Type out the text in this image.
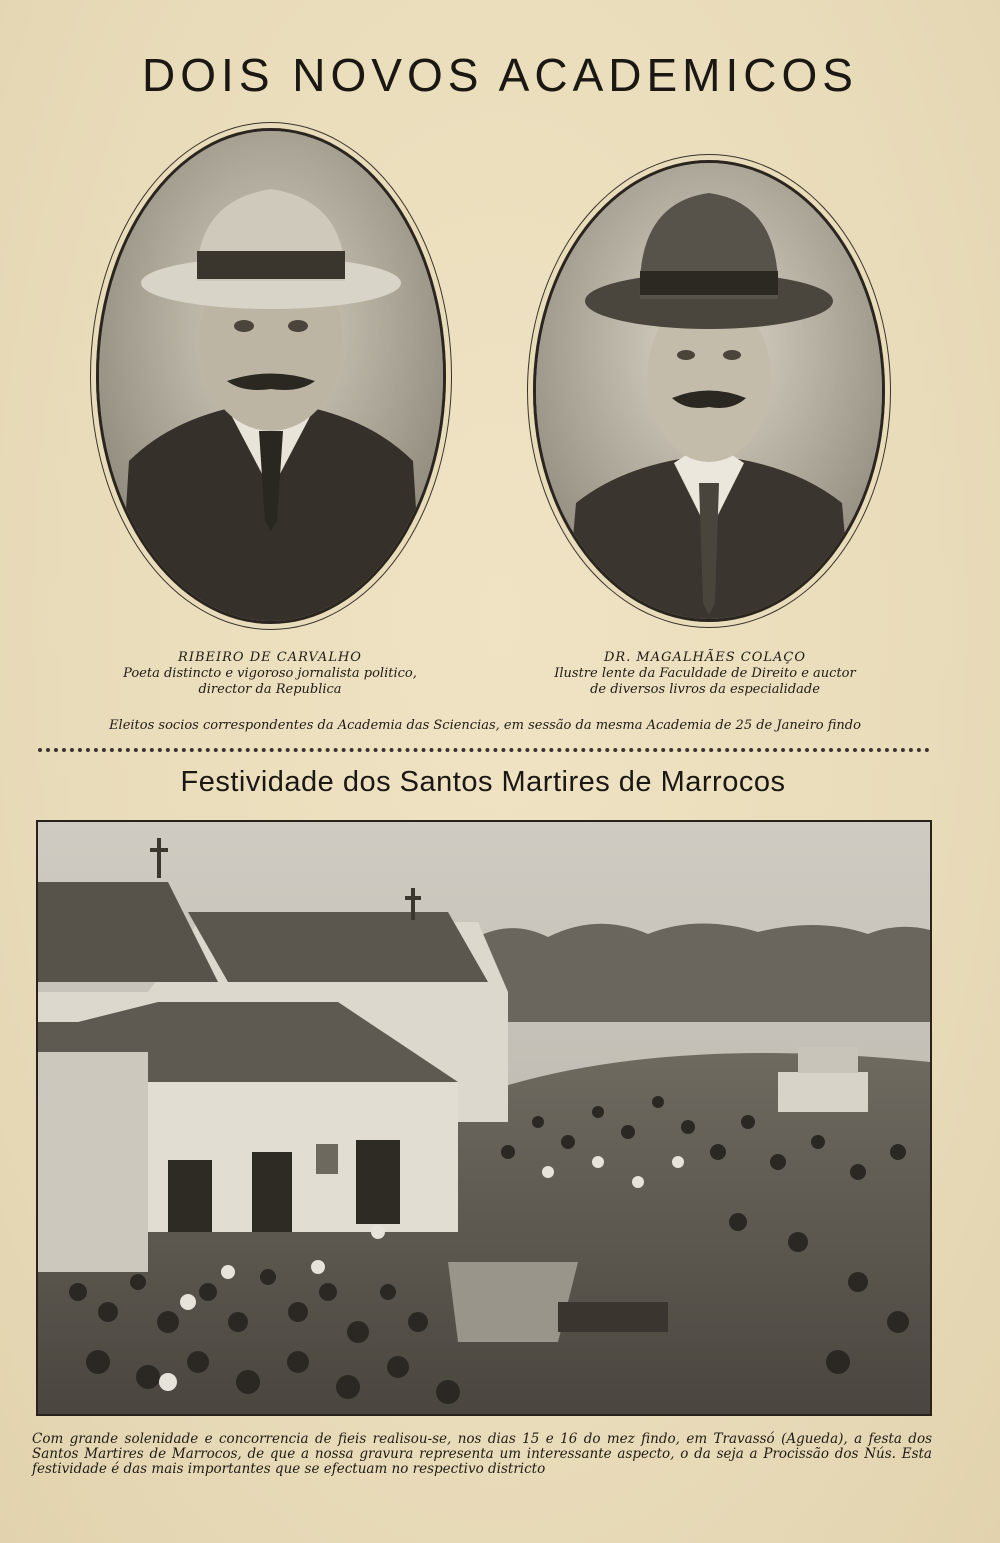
DOIS NOVOS ACADEMICOS
RIBEIRO DE CARVALHO
Poeta distincto e vigoroso jornalista politico,
director da Republica
DR. MAGALHÃES COLAÇO
Ilustre lente da Faculdade de Direito e auctor
de diversos livros da especialidade
Eleitos socios correspondentes da Academia das Sciencias, em sessão da mesma Academia de 25 de Janeiro findo
Festividade dos Santos Martires de Marrocos
Com grande solenidade e concorrencia de fieis realisou-se, nos dias 15 e 16 do mez findo, em Travassó (Agueda), a festa dos Santos Martires de Marrocos, de que a nossa gravura representa um interessante aspecto, o da seja a Procissão dos Nús. Esta festividade é das mais importantes que se efectuam no respectivo districto
